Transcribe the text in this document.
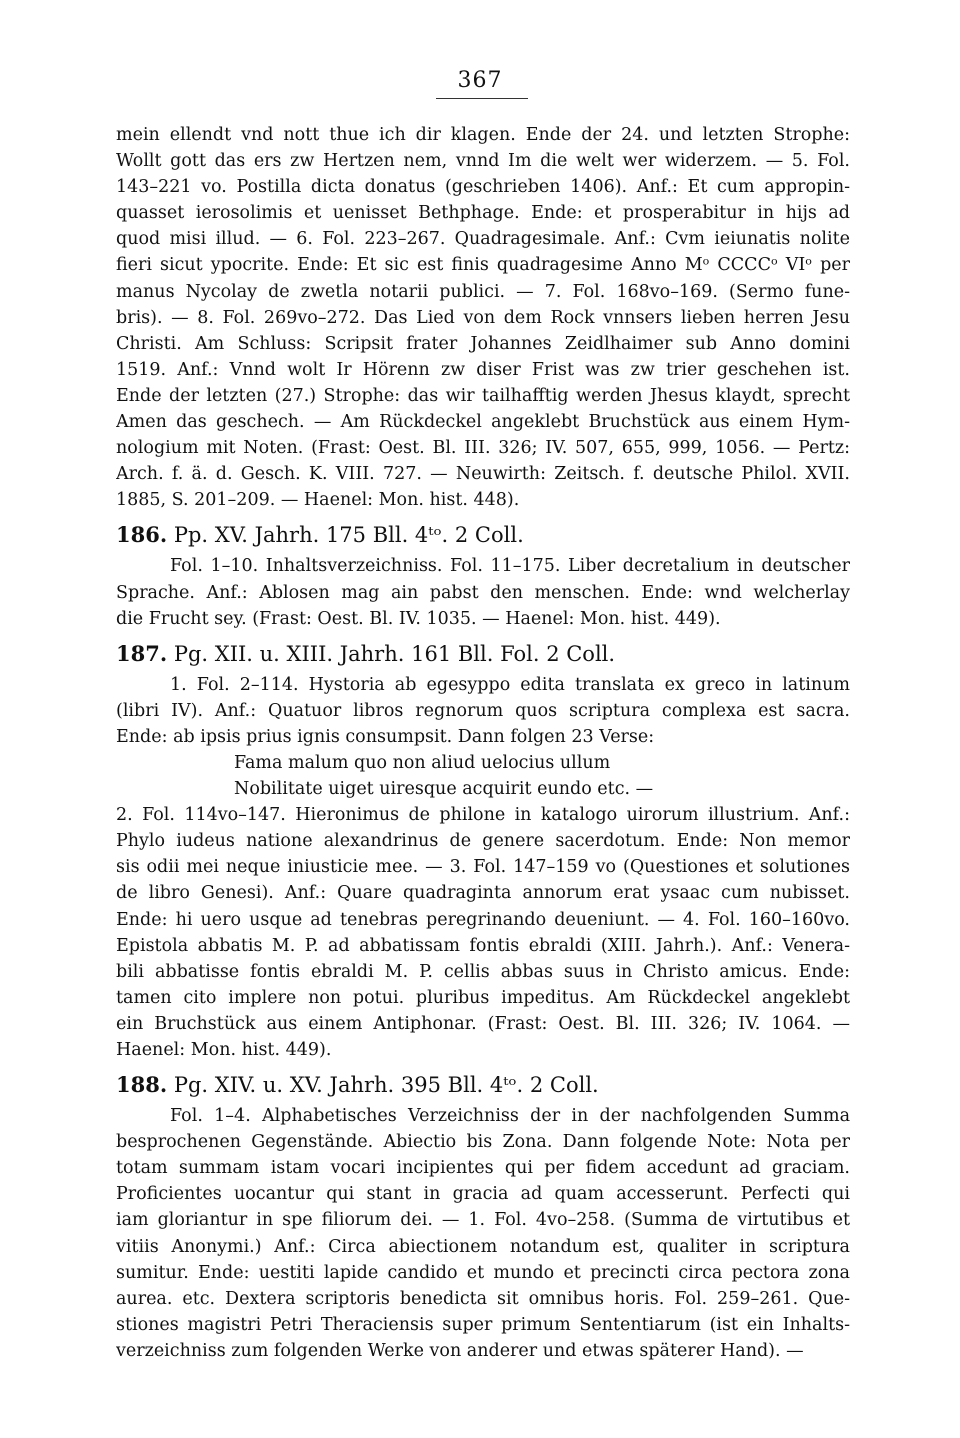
367
mein ellendt vnd nott thue ich dir klagen. Ende der 24. und letzten Strophe:
Wollt gott das ers zw Hertzen nem, vnnd Im die welt wer widerzem. — 5. Fol.
143–221 vo. Postilla dicta donatus (geschrieben 1406). Anf.: Et cum appropin-
quasset ierosolimis et uenisset Bethphage. Ende: et prosperabitur in hijs ad
quod misi illud. — 6. Fol. 223–267. Quadragesimale. Anf.: Cvm ieiunatis nolite
fieri sicut ypocrite. Ende: Et sic est finis quadragesime Anno Mᵒ CCCCᵒ VIᵒ per
manus Nycolay de zwetla notarii publici. — 7. Fol. 168vo–169. (Sermo fune-
bris). — 8. Fol. 269vo–272. Das Lied von dem Rock vnnsers lieben herren Jesu
Christi. Am Schluss: Scripsit frater Johannes Zeidlhaimer sub Anno domini
1519. Anf.: Vnnd wolt Ir Hörenn zw diser Frist was zw trier geschehen ist.
Ende der letzten (27.) Strophe: das wir tailhafftig werden Jhesus klaydt, sprecht
Amen das geschech. — Am Rückdeckel angeklebt Bruchstück aus einem Hym-
nologium mit Noten. (Frast: Oest. Bl. III. 326; IV. 507, 655, 999, 1056. — Pertz:
Arch. f. ä. d. Gesch. K. VIII. 727. — Neuwirth: Zeitsch. f. deutsche Philol. XVII.
1885, S. 201–209. — Haenel: Mon. hist. 448).
186. Pp. XV. Jahrh. 175 Bll. 4ᵗᵒ. 2 Coll.
Fol. 1–10. Inhaltsverzeichniss. Fol. 11–175. Liber decretalium in deutscher
Sprache. Anf.: Ablosen mag ain pabst den menschen. Ende: wnd welcherlay
die Frucht sey. (Frast: Oest. Bl. IV. 1035. — Haenel: Mon. hist. 449).
187. Pg. XII. u. XIII. Jahrh. 161 Bll. Fol. 2 Coll.
1. Fol. 2–114. Hystoria ab egesyppo edita translata ex greco in latinum
(libri IV). Anf.: Quatuor libros regnorum quos scriptura complexa est sacra.
Ende: ab ipsis prius ignis consumpsit. Dann folgen 23 Verse:
Fama malum quo non aliud uelocius ullum
Nobilitate uiget uiresque acquirit eundo etc. —
2. Fol. 114vo–147. Hieronimus de philone in katalogo uirorum illustrium. Anf.:
Phylo iudeus natione alexandrinus de genere sacerdotum. Ende: Non memor
sis odii mei neque iniusticie mee. — 3. Fol. 147–159 vo (Questiones et solutiones
de libro Genesi). Anf.: Quare quadraginta annorum erat ysaac cum nubisset.
Ende: hi uero usque ad tenebras peregrinando deueniunt. — 4. Fol. 160–160vo.
Epistola abbatis M. P. ad abbatissam fontis ebraldi (XIII. Jahrh.). Anf.: Venera-
bili abbatisse fontis ebraldi M. P. cellis abbas suus in Christo amicus. Ende:
tamen cito implere non potui. pluribus impeditus. Am Rückdeckel angeklebt
ein Bruchstück aus einem Antiphonar. (Frast: Oest. Bl. III. 326; IV. 1064. —
Haenel: Mon. hist. 449).
188. Pg. XIV. u. XV. Jahrh. 395 Bll. 4ᵗᵒ. 2 Coll.
Fol. 1–4. Alphabetisches Verzeichniss der in der nachfolgenden Summa
besprochenen Gegenstände. Abiectio bis Zona. Dann folgende Note: Nota per
totam summam istam vocari incipientes qui per fidem accedunt ad graciam.
Proficientes uocantur qui stant in gracia ad quam accesserunt. Perfecti qui
iam gloriantur in spe filiorum dei. — 1. Fol. 4vo–258. (Summa de virtutibus et
vitiis Anonymi.) Anf.: Circa abiectionem notandum est, qualiter in scriptura
sumitur. Ende: uestiti lapide candido et mundo et precincti circa pectora zona
aurea. etc. Dextera scriptoris benedicta sit omnibus horis. Fol. 259–261. Que-
stiones magistri Petri Theraciensis super primum Sententiarum (ist ein Inhalts-
verzeichniss zum folgenden Werke von anderer und etwas späterer Hand). —
